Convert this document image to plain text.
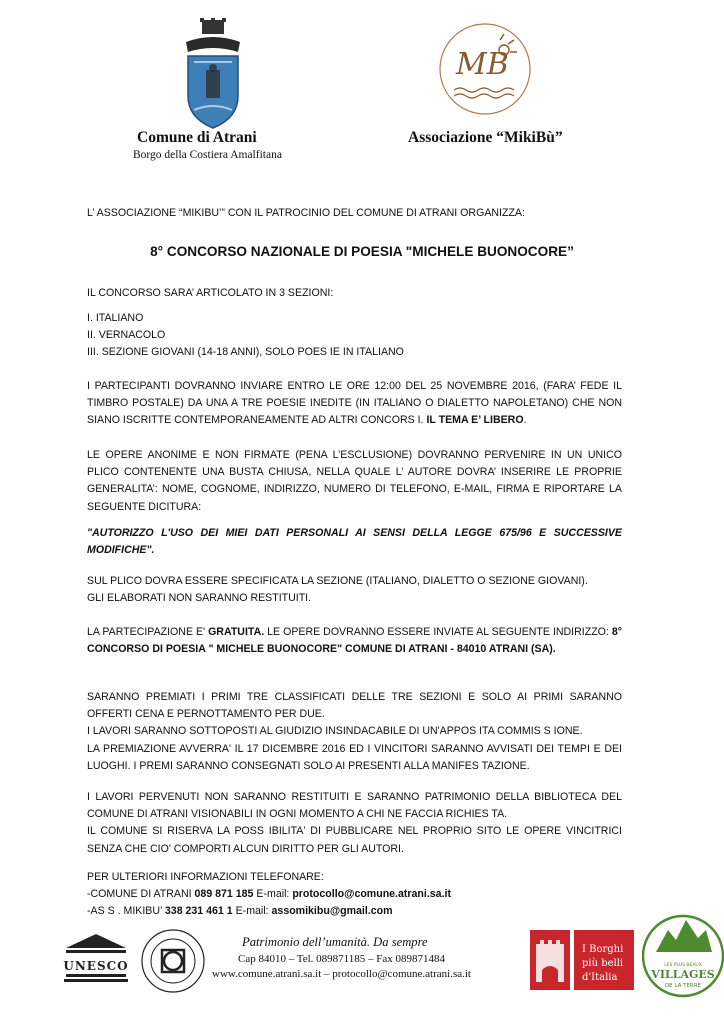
Comune di Atrani
Borgo della Costiera Amalfitana
MB
Associazione “MikiBù”
L’ ASSOCIAZIONE “MIKIBU’” CON IL PATROCINIO DEL COMUNE DI ATRANI ORGANIZZA:
8° CONCORSO NAZIONALE DI POESIA "MICHELE BUONOCORE”
IL CONCORSO SARA’ ARTICOLATO IN 3 SEZIONI:
I. ITALIANO
II. VERNACOLO
III. SEZIONE GIOVANI (14-18 ANNI), SOLO POES IE IN ITALIANO
I PARTECIPANTI DOVRANNO INVIARE ENTRO LE ORE 12:00 DEL 25 NOVEMBRE 2016, (FARA’ FEDE IL TIMBRO POSTALE) DA UNA A TRE POESIE INEDITE (IN ITALIANO O DIALETTO NAPOLETANO) CHE NON SIANO ISCRITTE CONTEMPORANEAMENTE AD ALTRI CONCORS I. IL TEMA E’ LIBERO.
LE OPERE ANONIME E NON FIRMATE (PENA L’ESCLUSIONE) DOVRANNO PERVENIRE IN UN UNICO PLICO CONTENENTE UNA BUSTA CHIUSA, NELLA QUALE L’ AUTORE DOVRA’ INSERIRE LE PROPRIE GENERALITA’: NOME, COGNOME, INDIRIZZO, NUMERO DI TELEFONO, E-MAIL, FIRMA E RIPORTARE LA SEGUENTE DICITURA:
"AUTORIZZO L'USO DEI MIEI DATI PERSONALI AI SENSI DELLA LEGGE 675/96 E SUCCESSIVE MODIFICHE".
SUL PLICO DOVRA ESSERE SPECIFICATA LA SEZIONE (ITALIANO, DIALETTO O SEZIONE GIOVANI).
GLI ELABORATI NON SARANNO RESTITUITI.
LA PARTECIPAZIONE E' GRATUITA. LE OPERE DOVRANNO ESSERE INVIATE AL SEGUENTE INDIRIZZO: 8° CONCORSO DI POESIA " MICHELE BUONOCORE" COMUNE DI ATRANI - 84010 ATRANI (SA).
SARANNO PREMIATI I PRIMI TRE CLASSIFICATI DELLE TRE SEZIONI E SOLO AI PRIMI SARANNO OFFERTI CENA E PERNOTTAMENTO PER DUE.
I LAVORI SARANNO SOTTOPOSTI AL GIUDIZIO INSINDACABILE DI UN'APPOS ITA COMMIS S IONE.
LA PREMIAZIONE AVVERRA' IL 17 DICEMBRE 2016 ED I VINCITORI SARANNO AVVISATI DEI TEMPI E DEI LUOGHI. I PREMI SARANNO CONSEGNATI SOLO AI PRESENTI ALLA MANIFES TAZIONE.
I LAVORI PERVENUTI NON SARANNO RESTITUITI E SARANNO PATRIMONIO DELLA BIBLIOTECA DEL COMUNE DI ATRANI VISIONABILI IN OGNI MOMENTO A CHI NE FACCIA RICHIES TA.
IL COMUNE SI RISERVA LA POSS IBILITA' DI PUBBLICARE NEL PROPRIO SITO LE OPERE VINCITRICI SENZA CHE CIO' COMPORTI ALCUN DIRITTO PER GLI AUTORI.
PER ULTERIORI INFORMAZIONI TELEFONARE:
-COMUNE DI ATRANI 089 871 185 E-mail: protocollo@comune.atrani.sa.it
-AS S . MIKIBU’ 338 231 461 1 E-mail: assomikibu@gmail.com
UNESCO
Patrimonio dell’umanità. Da sempre
Cap 84010 – Tel. 089871185 – Fax 089871484
www.comune.atrani.sa.it – protocollo@comune.atrani.sa.it
I Borghi
più belli
d'Italia
LES PLUS BEAUX
VILLAGES
DE LA TERRE
